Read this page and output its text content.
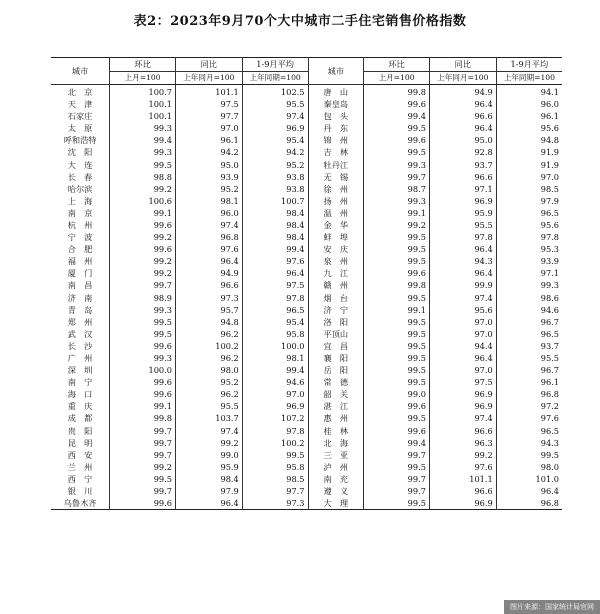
表2：2023年9月70个大中城市二手住宅销售价格指数
城市	环比	同比	1-9月平均	城市	环比	同比	1-9月平均
	上月=100	上年同月=100	上年同期=100		上月=100	上年同月=100	上年同期=100
北　京	100.7	101.1	102.5	唐　山	99.8	94.9	94.1
天　津	100.1	97.5	95.5	秦皇岛	99.6	96.4	96.0
石家庄	100.1	97.7	97.4	包　头	99.4	96.6	96.1
太　原	99.3	97.0	96.9	丹　东	99.5	96.4	95.6
呼和浩特	99.4	96.1	95.4	锦　州	99.6	95.0	94.8
沈　阳	99.3	94.2	94.2	吉　林	99.5	92.8	91.9
大　连	99.5	95.0	95.2	牡丹江	99.3	93.7	91.9
长　春	98.8	93.9	93.8	无　锡	99.7	96.6	97.0
哈尔滨	99.2	95.2	93.8	徐　州	98.7	97.1	98.5
上　海	100.6	98.1	100.7	扬　州	99.3	96.9	97.9
南　京	99.1	96.0	98.4	温　州	99.1	95.9	96.5
杭　州	99.6	97.4	98.4	金　华	99.2	95.5	95.6
宁　波	99.2	96.8	98.4	蚌　埠	99.5	97.8	97.8
合　肥	99.6	97.6	99.4	安　庆	99.5	96.4	95.3
福　州	99.2	96.4	97.6	泉　州	99.5	94.3	93.9
厦　门	99.2	94.9	96.4	九　江	99.6	96.4	97.1
南　昌	99.7	96.6	97.5	赣　州	99.8	99.9	99.3
济　南	98.9	97.3	97.8	烟　台	99.5	97.4	98.6
青　岛	99.3	95.7	96.5	济　宁	99.1	95.6	94.6
郑　州	99.5	94.8	95.4	洛　阳	99.5	97.0	96.7
武　汉	99.5	96.2	95.8	平顶山	99.5	97.0	96.5
长　沙	99.6	100.2	100.0	宜　昌	99.5	94.4	93.7
广　州	99.3	96.2	98.1	襄　阳	99.5	96.4	95.5
深　圳	100.0	98.0	99.4	岳　阳	99.5	97.0	96.7
南　宁	99.6	95.2	94.6	常　德	99.5	97.5	96.1
海　口	99.6	96.2	97.0	韶　关	99.0	96.9	96.8
重　庆	99.1	95.5	96.9	湛　江	99.6	96.9	97.2
成　都	99.8	103.7	107.2	惠　州	99.5	97.4	97.6
贵　阳	99.7	97.4	97.8	桂　林	99.6	96.6	96.5
昆　明	99.7	99.2	100.2	北　海	99.4	96.3	94.3
西　安	99.7	99.0	99.5	三　亚	99.7	99.2	99.5
兰　州	99.2	95.9	95.8	泸　州	99.5	97.6	98.0
西　宁	99.5	98.4	98.5	南　充	99.7	101.1	101.0
银　川	99.7	97.9	97.7	遵　义	99.7	96.6	96.4
乌鲁木齐	99.6	96.4	97.3	大　理	99.5	96.9	96.8
图片来源：国家统计局官网
